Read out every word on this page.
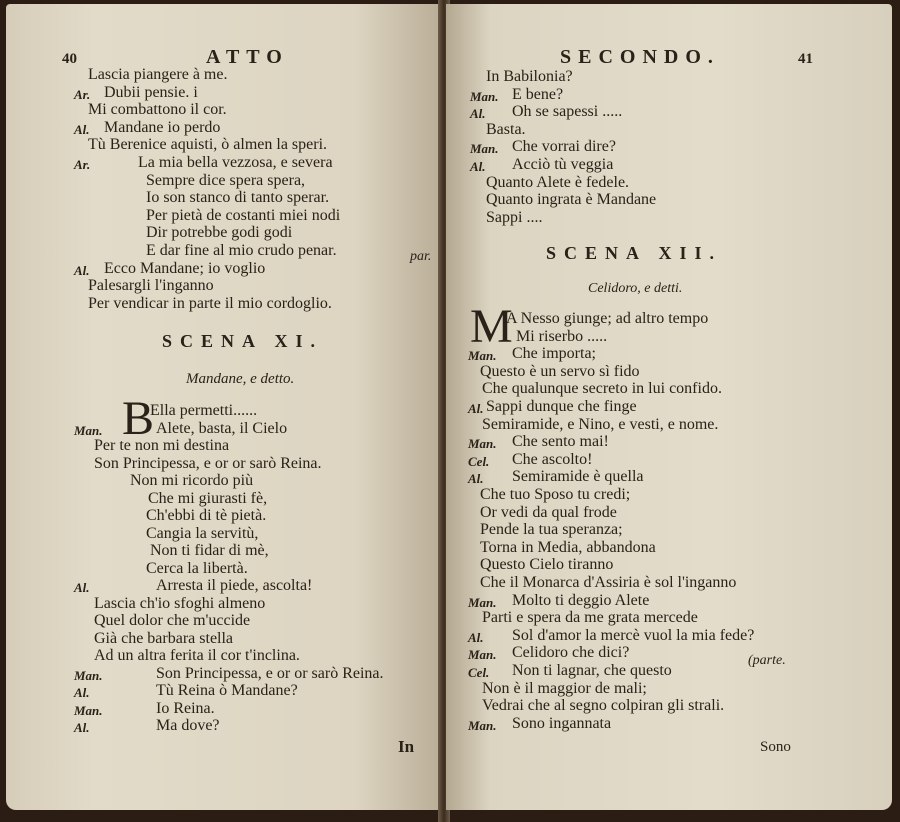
40	ATTO
Lascia piangere à me.
Ar. Dubii pensie. i
Mi combattono il cor.
Al. Mandane io perdo
Tù Berenice aquisti, ò almen la speri.
Ar.	La mia bella vezzosa, e severa
Sempre dice spera spera,
Io son stanco di tanto sperar.
Per pietà de costanti miei nodi
Dir potrebbe godi godi
E dar fine al mio crudo penar.
Al. Ecco Mandane; io voglio
Palesargli l'inganno
Per vendicar in parte il mio cordoglio.
par.
SCENA XI.
Mandane, e detto.
B
Ella permetti......
Man.	Alete, basta, il Cielo
Per te non mi destina
Son Principessa, e or or sarò Reina.
Non mi ricordo più
Che mi giurasti fè,
Ch'ebbi di tè pietà.
Cangia la servitù,
Non ti fidar di mè,
Cerca la libertà.
Al.	Arresta il piede, ascolta!
Lascia ch'io sfoghi almeno
Quel dolor che m'uccide
Già che barbara stella
Ad un altra ferita il cor t'inclina.
Man.	Son Principessa, e or or sarò Reina.
Al.	Tù Reina ò Mandane?
Man.	Io Reina.
Al.	Ma dove?
In
SECONDO.	41
In Babilonia?
Man. E bene?
Al. Oh se sapessi .....
Basta.
Man. Che vorrai dire?
Al. Acciò tù veggia
Quanto Alete è fedele.
Quanto ingrata è Mandane
Sappi ....
SCENA XII.
Celidoro, e detti.
M
A Nesso giunge; ad altro tempo
Mi riserbo .....
Man. Che importa;
Questo è un servo sì fido
Che qualunque secreto in lui confido.
Al. Sappi dunque che finge
Semiramide, e Nino, e vesti, e nome.
Man. Che sento mai!
Cel. Che ascolto!
Al. Semiramide è quella
Che tuo Sposo tu credi;
Or vedi da qual frode
Pende la tua speranza;
Torna in Media, abbandona
Questo Cielo tiranno
Che il Monarca d'Assiria è sol l'inganno
Man. Molto ti deggio Alete
Parti e spera da me grata mercede
Al. Sol d'amor la mercè vuol la mia fede?
Man. Celidoro che dici?
Cel. Non ti lagnar, che questo
Non è il maggior de mali;
Vedrai che al segno colpiran gli strali.
Man. Sono ingannata
(parte.
Sono
